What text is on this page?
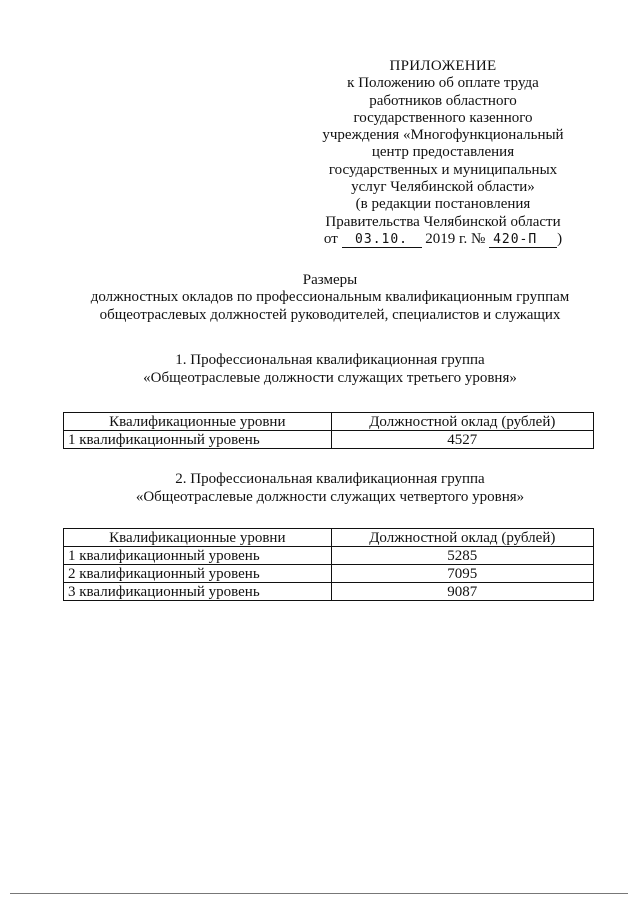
ПРИЛОЖЕНИЕ
к Положению об оплате труда
работников областного
государственного казенного
учреждения «Многофункциональный
центр предоставления
государственных и муниципальных
услуг Челябинской области»
(в редакции постановления
Правительства Челябинской области
от 03.10. 2019 г. № 420-П )
Размеры
должностных окладов по профессиональным квалификационным группам
общеотраслевых должностей руководителей, специалистов и служащих
1. Профессиональная квалификационная группа
«Общеотраслевые должности служащих третьего уровня»
Квалификационные уровни	Должностной оклад (рублей)
1 квалификационный уровень	4527
2. Профессиональная квалификационная группа
«Общеотраслевые должности служащих четвертого уровня»
Квалификационные уровни	Должностной оклад (рублей)
1 квалификационный уровень	5285
2 квалификационный уровень	7095
3 квалификационный уровень	9087
